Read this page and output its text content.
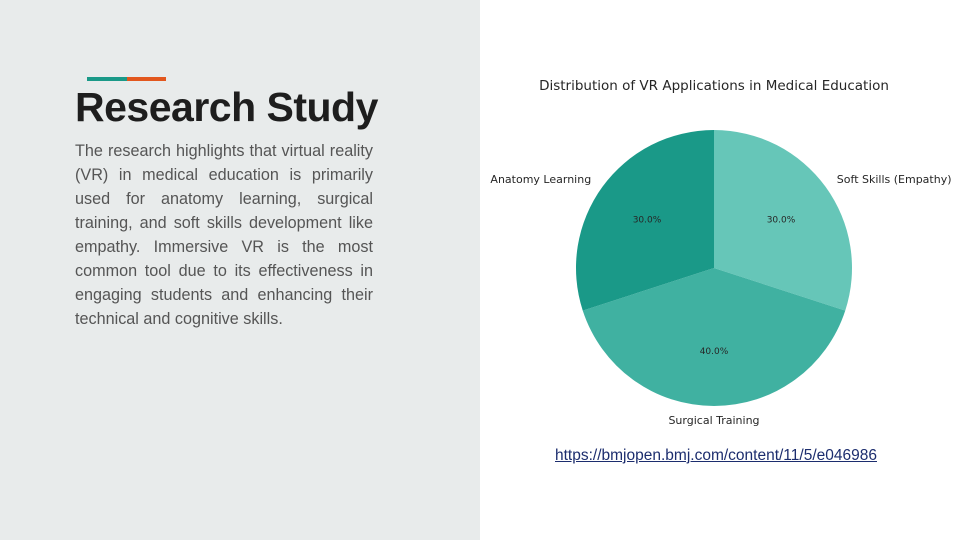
Research Study

The research highlights that virtual reality (VR) in medical education is primarily used for anatomy learning, surgical training, and soft skills development like empathy. Immersive VR is the most common tool due to its effectiveness in engaging students and enhancing their technical and cognitive skills.

Distribution of VR Applications in Medical Education
30.0%
Soft Skills (Empathy)
40.0%
Surgical Training
30.0%
Anatomy Learning
https://bmjopen.bmj.com/content/11/5/e046986
